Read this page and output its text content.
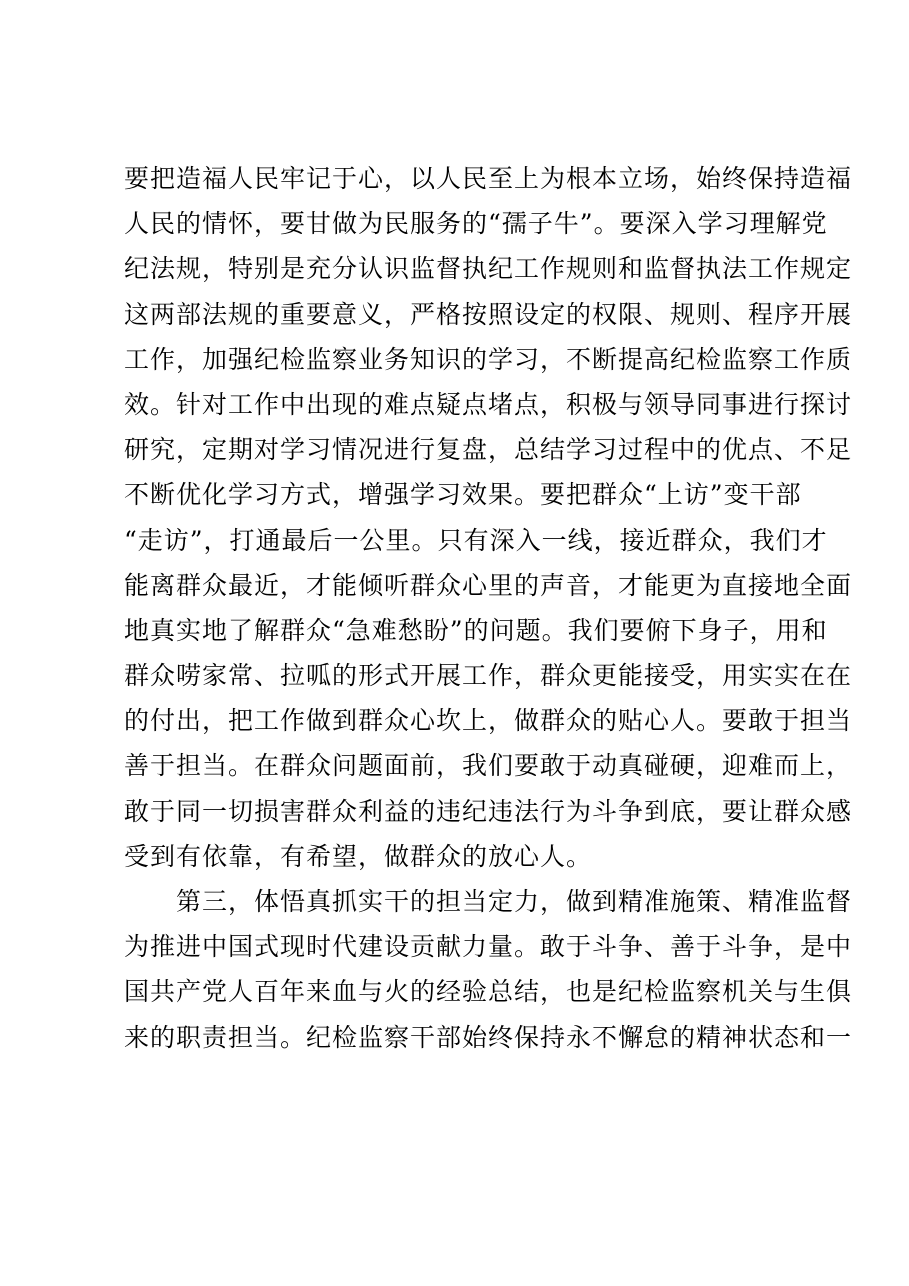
要把造福人民牢记于心，以人民至上为根本立场，始终保持造福
人民的情怀，要甘做为民服务的“孺子牛”。要深入学习理解党
纪法规，特别是充分认识监督执纪工作规则和监督执法工作规定
这两部法规的重要意义，严格按照设定的权限、规则、程序开展
工作，加强纪检监察业务知识的学习，不断提高纪检监察工作质
效。针对工作中出现的难点疑点堵点，积极与领导同事进行探讨
研究，定期对学习情况进行复盘，总结学习过程中的优点、不足
不断优化学习方式，增强学习效果。要把群众“上访”变干部
“走访”，打通最后一公里。只有深入一线，接近群众，我们才
能离群众最近，才能倾听群众心里的声音，才能更为直接地全面
地真实地了解群众“急难愁盼”的问题。我们要俯下身子，用和
群众唠家常、拉呱的形式开展工作，群众更能接受，用实实在在
的付出，把工作做到群众心坎上，做群众的贴心人。要敢于担当
善于担当。在群众问题面前，我们要敢于动真碰硬，迎难而上，
敢于同一切损害群众利益的违纪违法行为斗争到底，要让群众感
受到有依靠，有希望，做群众的放心人。
　　第三，体悟真抓实干的担当定力，做到精准施策、精准监督
为推进中国式现时代建设贡献力量。敢于斗争、善于斗争，是中
国共产党人百年来血与火的经验总结，也是纪检监察机关与生俱
来的职责担当。纪检监察干部始终保持永不懈怠的精神状态和一
